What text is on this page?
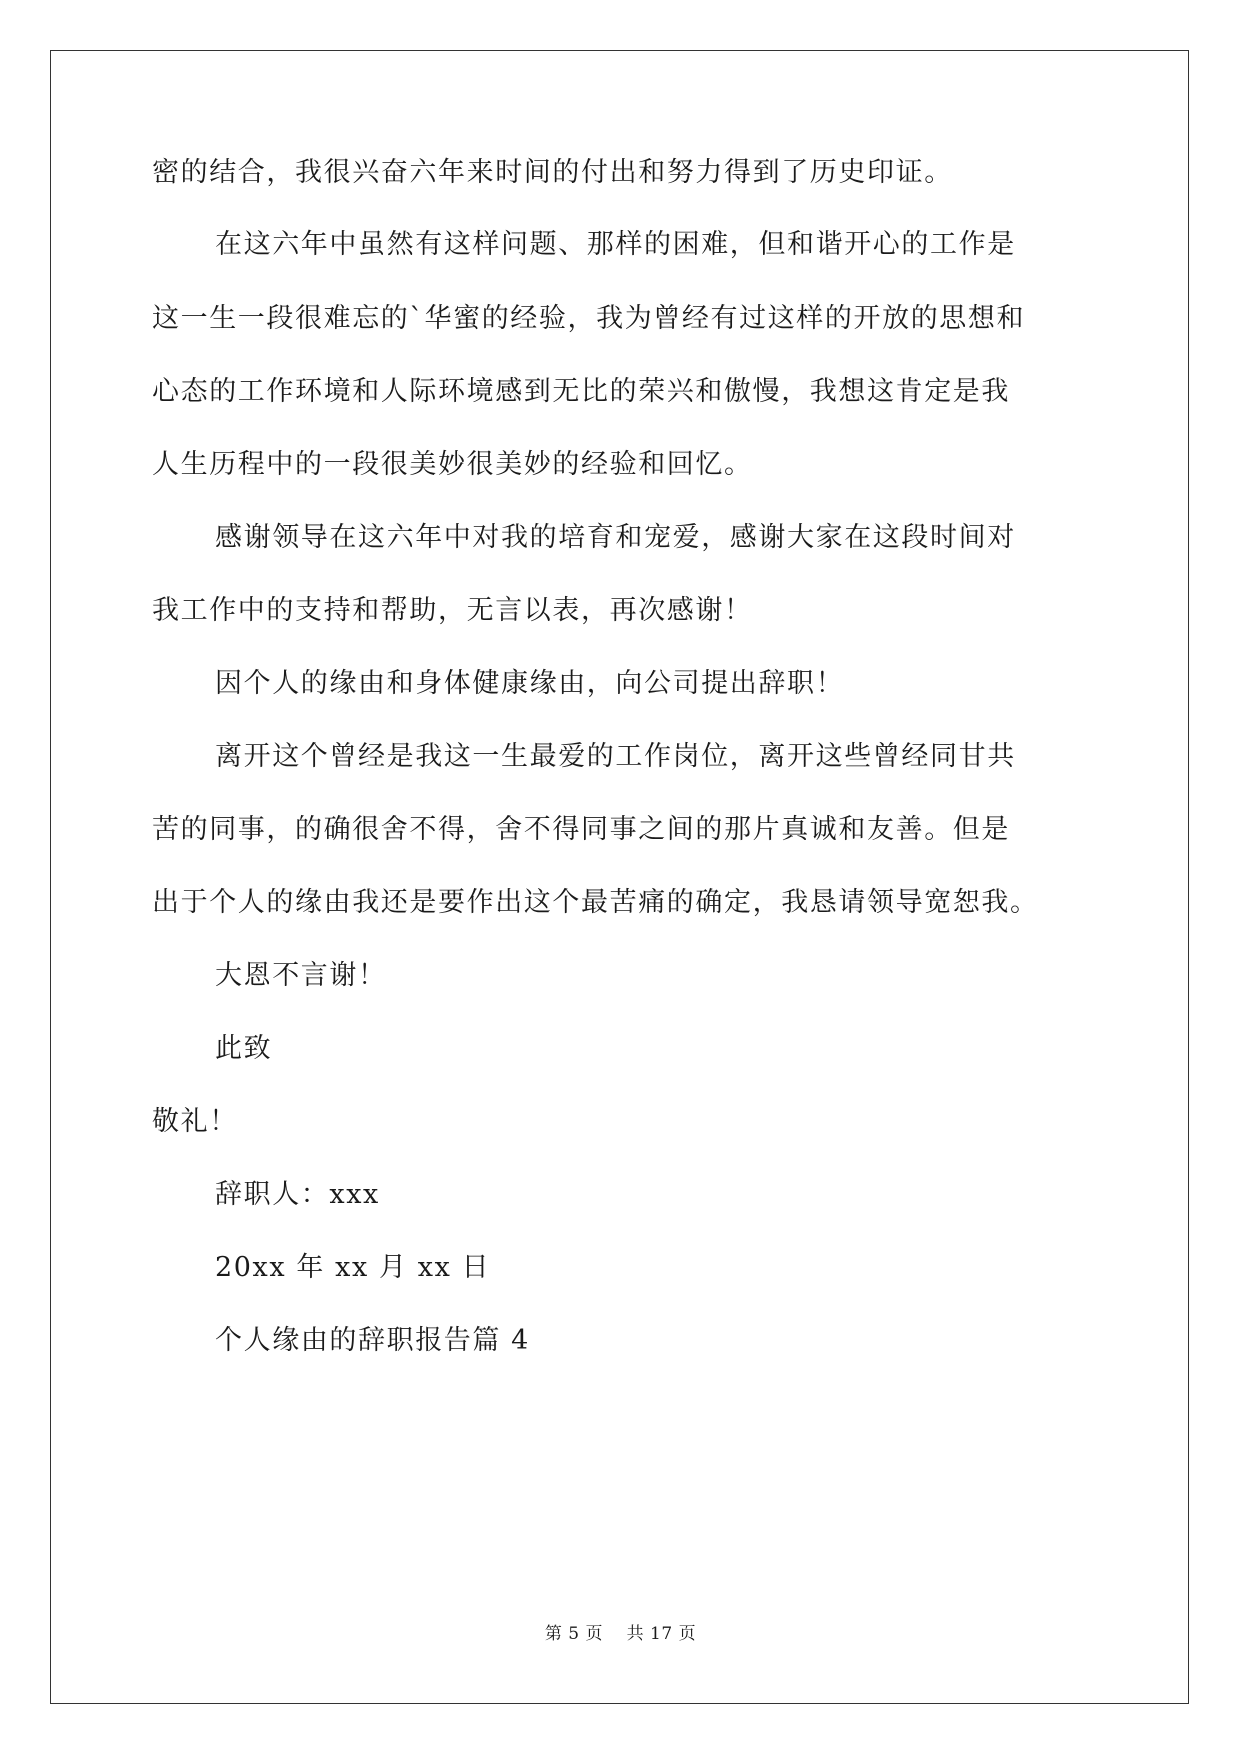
密的结合，我很兴奋六年来时间的付出和努力得到了历史印证。
在这六年中虽然有这样问题、那样的困难，但和谐开心的工作是
这一生一段很难忘的`华蜜的经验，我为曾经有过这样的开放的思想和
心态的工作环境和人际环境感到无比的荣兴和傲慢，我想这肯定是我
人生历程中的一段很美妙很美妙的经验和回忆。
感谢领导在这六年中对我的培育和宠爱，感谢大家在这段时间对
我工作中的支持和帮助，无言以表，再次感谢！
因个人的缘由和身体健康缘由，向公司提出辞职！
离开这个曾经是我这一生最爱的工作岗位，离开这些曾经同甘共
苦的同事，的确很舍不得，舍不得同事之间的那片真诚和友善。但是
出于个人的缘由我还是要作出这个最苦痛的确定，我恳请领导宽恕我。
大恩不言谢！
此致
敬礼！
辞职人：xxx
20xx 年 xx 月 xx 日
个人缘由的辞职报告篇 4
第 5 页 共 17 页
